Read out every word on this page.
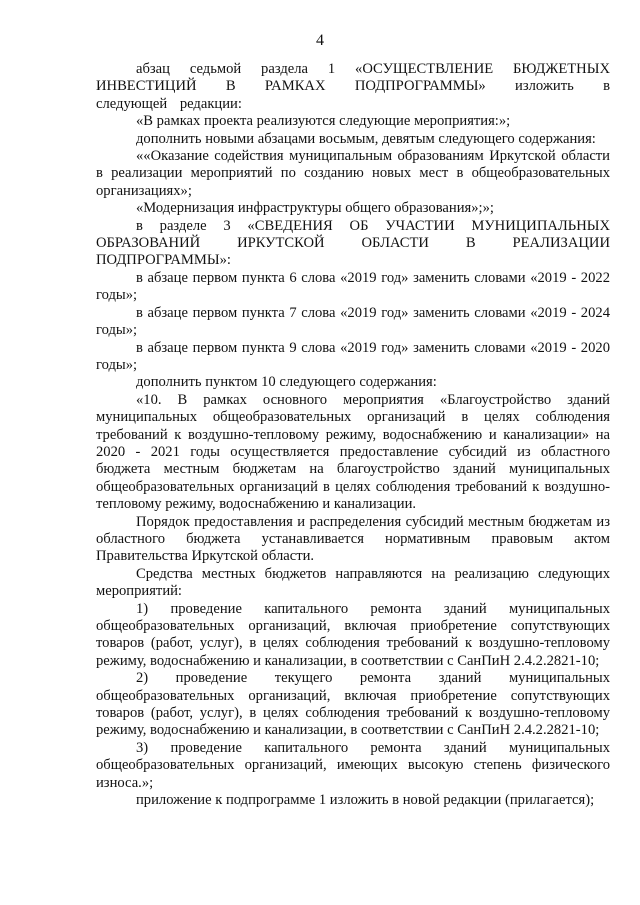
4

абзац седьмой раздела 1 «ОСУЩЕСТВЛЕНИЕ БЮДЖЕТНЫХ ИНВЕСТИЦИЙ В РАМКАХ ПОДПРОГРАММЫ» изложить в следующей редакции:

«В рамках проекта реализуются следующие мероприятия:»;

дополнить новыми абзацами восьмым, девятым следующего содержания:

««Оказание содействия муниципальным образованиям Иркутской области в реализации мероприятий по созданию новых мест в общеобразовательных организациях»;

«Модернизация инфраструктуры общего образования»;»;

в разделе 3 «СВЕДЕНИЯ ОБ УЧАСТИИ МУНИЦИПАЛЬНЫХ ОБРАЗОВАНИЙ ИРКУТСКОЙ ОБЛАСТИ В РЕАЛИЗАЦИИ ПОДПРОГРАММЫ»:

в абзаце первом пункта 6 слова «2019 год» заменить словами «2019 - 2022 годы»;

в абзаце первом пункта 7 слова «2019 год» заменить словами «2019 - 2024 годы»;

в абзаце первом пункта 9 слова «2019 год» заменить словами «2019 - 2020 годы»;

дополнить пунктом 10 следующего содержания:

«10. В рамках основного мероприятия «Благоустройство зданий муниципальных общеобразовательных организаций в целях соблюдения требований к воздушно-тепловому режиму, водоснабжению и канализации» на 2020 - 2021 годы осуществляется предоставление субсидий из областного бюджета местным бюджетам на благоустройство зданий муниципальных общеобразовательных организаций в целях соблюдения требований к воздушно-тепловому режиму, водоснабжению и канализации.

Порядок предоставления и распределения субсидий местным бюджетам из областного бюджета устанавливается нормативным правовым актом Правительства Иркутской области.

Средства местных бюджетов направляются на реализацию следующих мероприятий:

1) проведение капитального ремонта зданий муниципальных общеобразовательных организаций, включая приобретение сопутствующих товаров (работ, услуг), в целях соблюдения требований к воздушно-тепловому режиму, водоснабжению и канализации, в соответствии с СанПиН 2.4.2.2821-10;

2) проведение текущего ремонта зданий муниципальных общеобразовательных организаций, включая приобретение сопутствующих товаров (работ, услуг), в целях соблюдения требований к воздушно-тепловому режиму, водоснабжению и канализации, в соответствии с СанПиН 2.4.2.2821-10;

3) проведение капитального ремонта зданий муниципальных общеобразовательных организаций, имеющих высокую степень физического износа.»;

приложение к подпрограмме 1 изложить в новой редакции (прилагается);
